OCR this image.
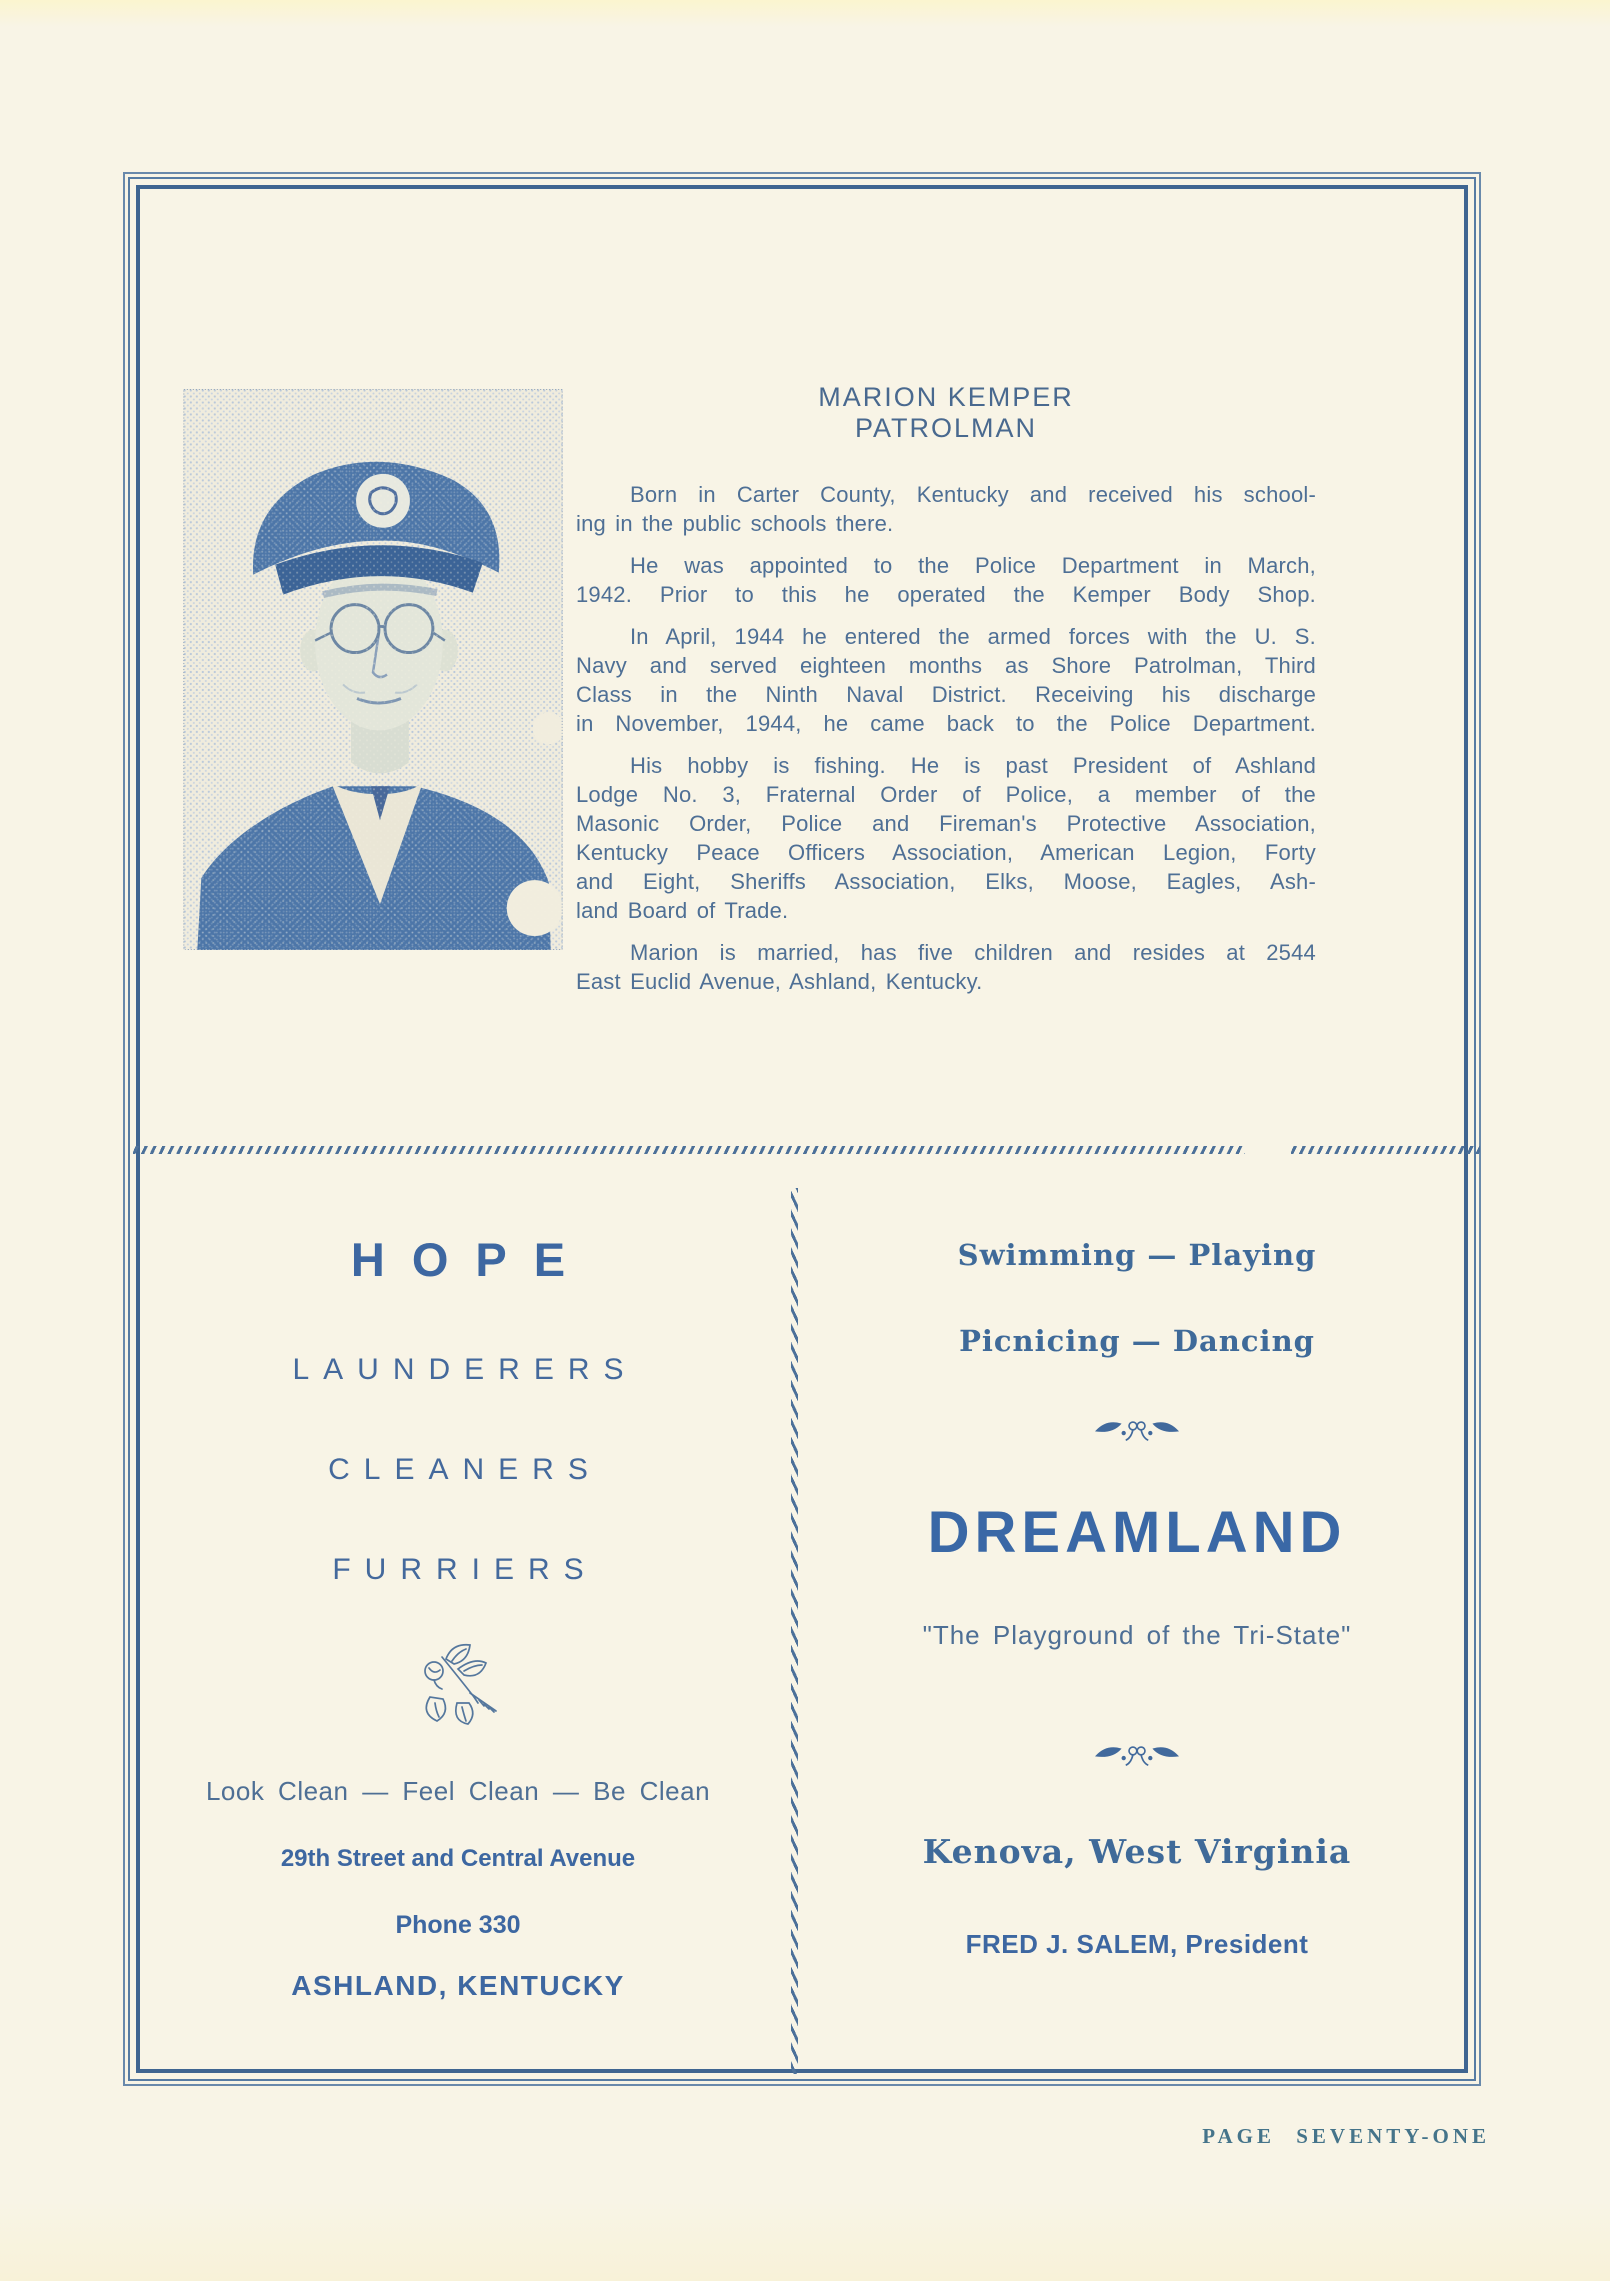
MARION KEMPER
PATROLMAN
Born in Carter County, Kentucky and received his school-
ing in the public schools there.
He was appointed to the Police Department in March,
1942. Prior to this he operated the Kemper Body Shop.
In April, 1944 he entered the armed forces with the U. S.
Navy and served eighteen months as Shore Patrolman, Third
Class in the Ninth Naval District. Receiving his discharge
in November, 1944, he came back to the Police Department.
His hobby is fishing. He is past President of Ashland
Lodge No. 3, Fraternal Order of Police, a member of the
Masonic Order, Police and Fireman's Protective Association,
Kentucky Peace Officers Association, American Legion, Forty
and Eight, Sheriffs Association, Elks, Moose, Eagles, Ash-
land Board of Trade.
Marion is married, has five children and resides at 2544
East Euclid Avenue, Ashland, Kentucky.
HOPE
LAUNDERERS
CLEANERS
FURRIERS
Look Clean — Feel Clean — Be Clean
29th Street and Central Avenue
Phone 330
ASHLAND, KENTUCKY
Swimming — Playing
Picnicing — Dancing
DREAMLAND
"The Playground of the Tri-State"
Kenova, West Virginia
FRED J. SALEM, President
PAGE SEVENTY-ONE
